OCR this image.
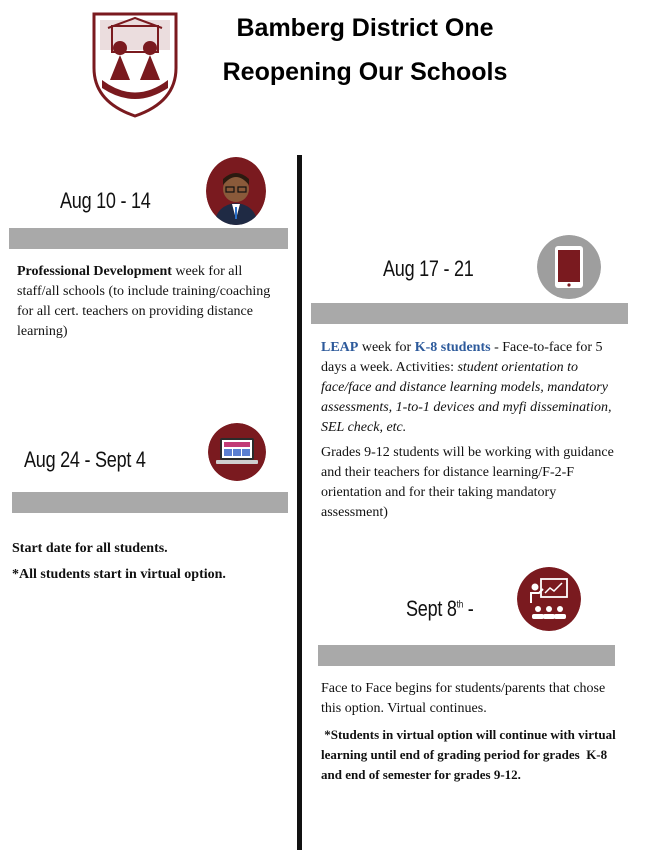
Bamberg District One
Reopening Our Schools
Aug 10 - 14

Professional Development week for all staff/all schools (to include training/coaching for all cert. teachers on providing distance learning)

Aug 17 - 21

LEAP week for K-8 students - Face-to-face for 5 days a week. Activities: student orientation to face/face and distance learning models, mandatory assessments, 1-to-1 devices and myfi dissemination, SEL check, etc.

Grades 9-12 students will be working with guidance and their teachers for distance learning/F-2-F orientation and for their taking mandatory assessment)

Aug 24 - Sept 4

Start date for all students.

*All students start in virtual option.

Sept 8th -

Face to Face begins for students/parents that chose this option. Virtual continues.

*Students in virtual option will continue with virtual learning until end of grading period for grades  K-8 and end of semester for grades 9-12.
